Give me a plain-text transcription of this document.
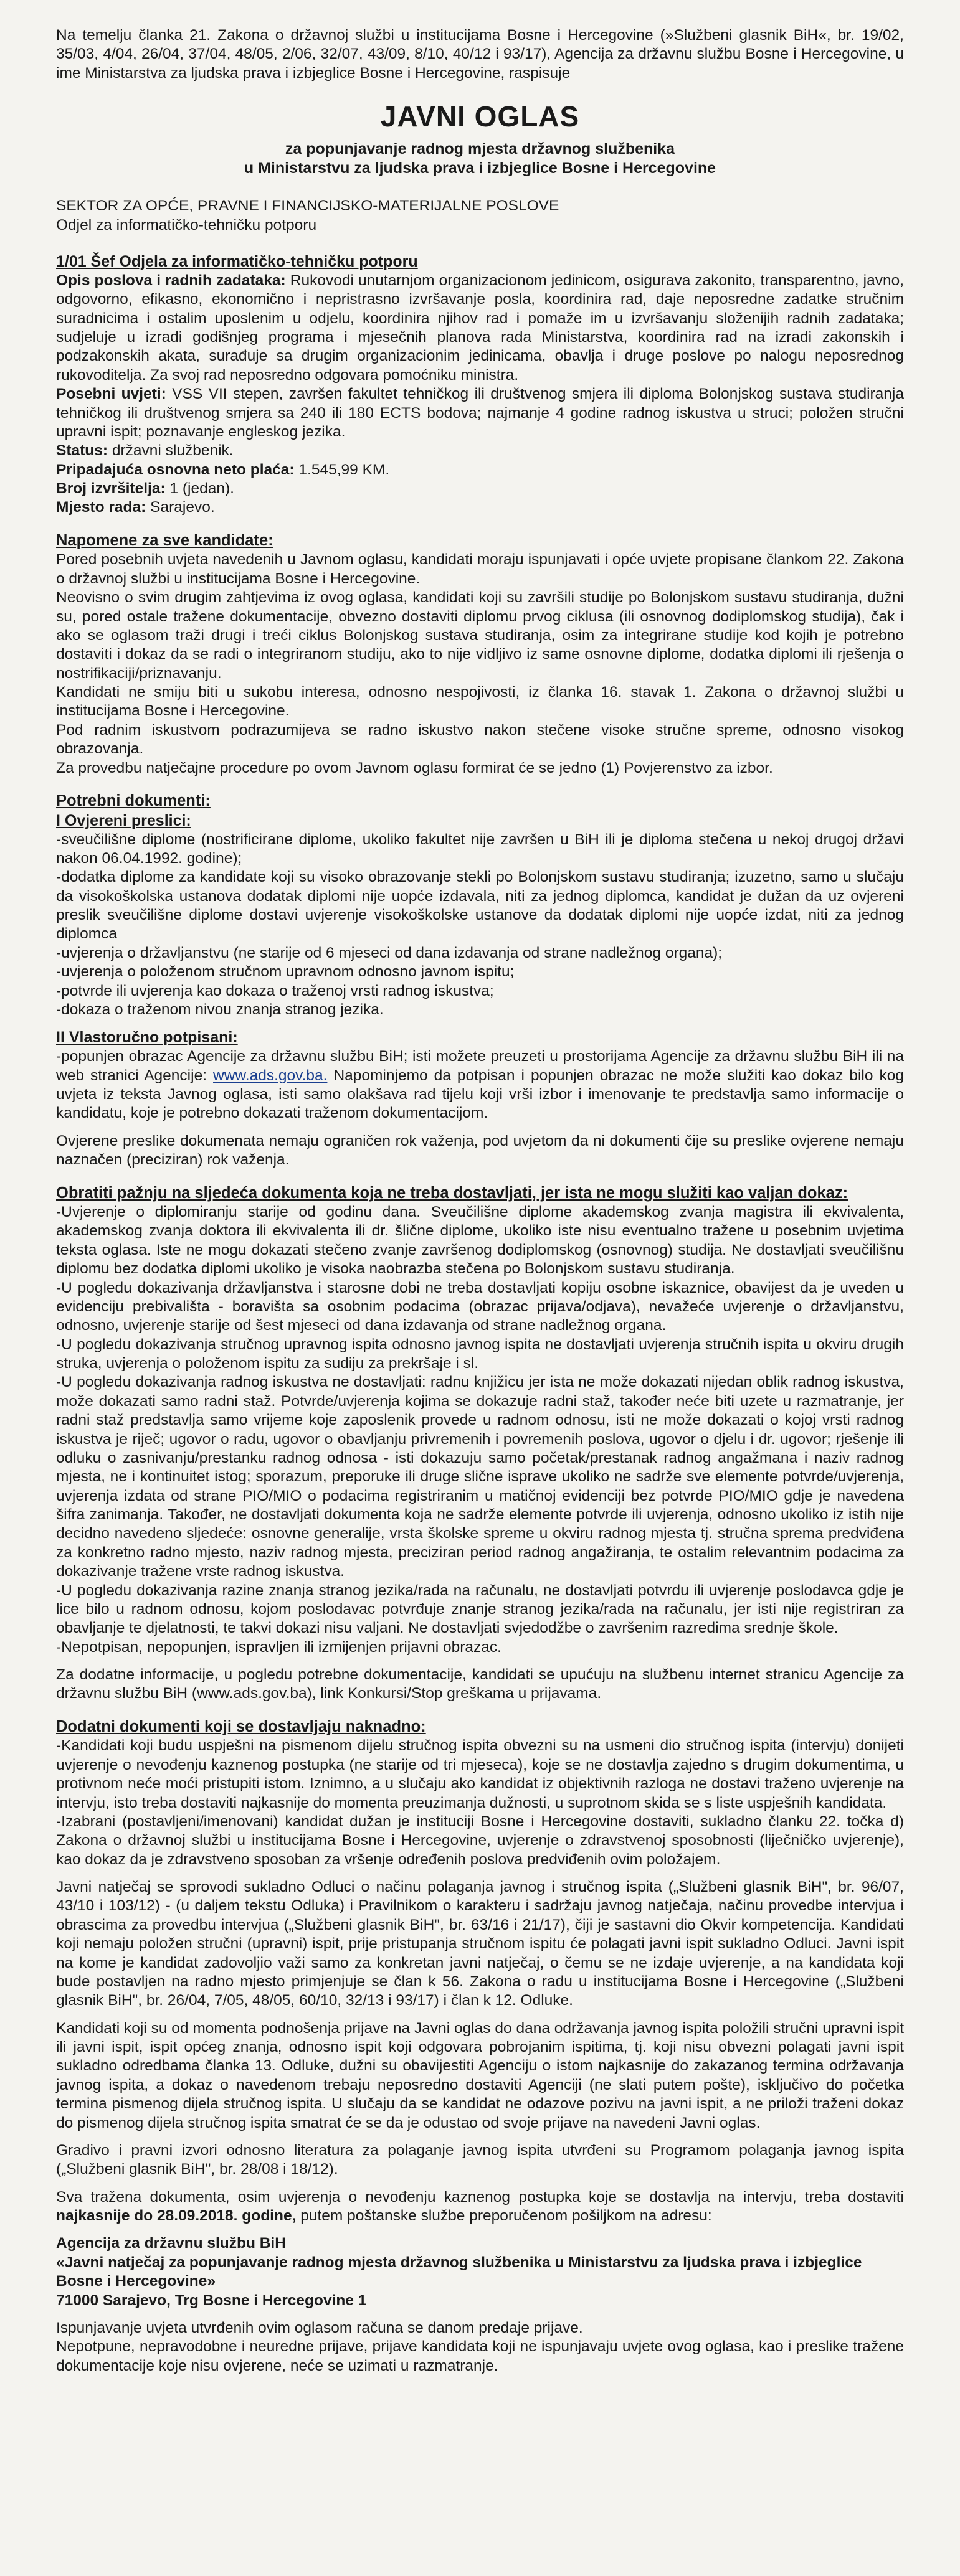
Na temelju članka 21. Zakona o državnoj službi u institucijama Bosne i Hercegovine (»Službeni glasnik BiH«, br. 19/02, 35/03, 4/04, 26/04, 37/04, 48/05, 2/06, 32/07, 43/09, 8/10, 40/12 i 93/17), Agencija za državnu službu Bosne i Hercegovine, u ime Ministarstva za ljudska prava i izbjeglice Bosne i Hercegovine, raspisuje

JAVNI OGLAS
za popunjavanje radnog mjesta državnog službenika
u Ministarstvu za ljudska prava i izbjeglice Bosne i Hercegovine

SEKTOR ZA OPĆE, PRAVNE I FINANCIJSKO-MATERIJALNE POSLOVE

Odjel za informatičko-tehničku potporu

1/01 Šef Odjela za informatičko-tehničku potporu

Opis poslova i radnih zadataka: Rukovodi unutarnjom organizacionom jedinicom, osigurava zakonito, transparentno, javno, odgovorno, efikasno, ekonomično i nepristrasno izvršavanje posla, koordinira rad, daje neposredne zadatke stručnim suradnicima i ostalim uposlenim u odjelu, koordinira njihov rad i pomaže im u izvršavanju složenijih radnih zadataka; sudjeluje u izradi godišnjeg programa i mjesečnih planova rada Ministarstva, koordinira rad na izradi zakonskih i podzakonskih akata, surađuje sa drugim organizacionim jedinicama, obavlja i druge poslove po nalogu neposrednog rukovoditelja. Za svoj rad neposredno odgovara pomoćniku ministra.

Posebni uvjeti: VSS VII stepen, završen fakultet tehničkog ili društvenog smjera ili diploma Bolonjskog sustava studiranja tehničkog ili društvenog smjera sa 240 ili 180 ECTS bodova; najmanje 4 godine radnog iskustva u struci; položen stručni upravni ispit; poznavanje engleskog jezika.

Status: državni službenik.

Pripadajuća osnovna neto plaća: 1.545,99 KM.

Broj izvršitelja: 1 (jedan).

Mjesto rada: Sarajevo.

Napomene za sve kandidate:

Pored posebnih uvjeta navedenih u Javnom oglasu, kandidati moraju ispunjavati i opće uvjete propisane člankom 22. Zakona o državnoj službi u institucijama Bosne i Hercegovine.

Neovisno o svim drugim zahtjevima iz ovog oglasa, kandidati koji su završili studije po Bolonjskom sustavu studiranja, dužni su, pored ostale tražene dokumentacije, obvezno dostaviti diplomu prvog ciklusa (ili osnovnog dodiplomskog studija), čak i ako se oglasom traži drugi i treći ciklus Bolonjskog sustava studiranja, osim za integrirane studije kod kojih je potrebno dostaviti i dokaz da se radi o integriranom studiju, ako to nije vidljivo iz same osnovne diplome, dodatka diplomi ili rješenja o nostrifikaciji/priznavanju.

Kandidati ne smiju biti u sukobu interesa, odnosno nespojivosti, iz članka 16. stavak 1. Zakona o državnoj službi u institucijama Bosne i Hercegovine.

Pod radnim iskustvom podrazumijeva se radno iskustvo nakon stečene visoke stručne spreme, odnosno visokog obrazovanja.

Za provedbu natječajne procedure po ovom Javnom oglasu formirat će se jedno (1) Povjerenstvo za izbor.

Potrebni dokumenti:

I Ovjereni preslici:

-sveučilišne diplome (nostrificirane diplome, ukoliko fakultet nije završen u BiH ili je diploma stečena u nekoj drugoj državi nakon 06.04.1992. godine);

-dodatka diplome za kandidate koji su visoko obrazovanje stekli po Bolonjskom sustavu studiranja; izuzetno, samo u slučaju da visokoškolska ustanova dodatak diplomi nije uopće izdavala, niti za jednog diplomca, kandidat je dužan da uz ovjereni preslik sveučilišne diplome dostavi uvjerenje visokoškolske ustanove da dodatak diplomi nije uopće izdat, niti za jednog diplomca

-uvjerenja o državljanstvu (ne starije od 6 mjeseci od dana izdavanja od strane nadležnog organa);

-uvjerenja o položenom stručnom upravnom odnosno javnom ispitu;

-potvrde ili uvjerenja kao dokaza o traženoj vrsti radnog iskustva;

-dokaza o traženom nivou znanja stranog jezika.

II Vlastoručno potpisani:

-popunjen obrazac Agencije za državnu službu BiH; isti možete preuzeti u prostorijama Agencije za državnu službu BiH ili na web stranici Agencije: www.ads.gov.ba. Napominjemo da potpisan i popunjen obrazac ne može služiti kao dokaz bilo kog uvjeta iz teksta Javnog oglasa, isti samo olakšava rad tijelu koji vrši izbor i imenovanje te predstavlja samo informacije o kandidatu, koje je potrebno dokazati traženom dokumentacijom.

Ovjerene preslike dokumenata nemaju ograničen rok važenja, pod uvjetom da ni dokumenti čije su preslike ovjerene nemaju naznačen (preciziran) rok važenja.

Obratiti pažnju na sljedeća dokumenta koja ne treba dostavljati, jer ista ne mogu služiti kao valjan dokaz:

-Uvjerenje o diplomiranju starije od godinu dana. Sveučilišne diplome akademskog zvanja magistra ili ekvivalenta, akademskog zvanja doktora ili ekvivalenta ili dr. šlične diplome, ukoliko iste nisu eventualno tražene u posebnim uvjetima teksta oglasa. Iste ne mogu dokazati stečeno zvanje završenog dodiplomskog (osnovnog) studija. Ne dostavljati sveučilišnu diplomu bez dodatka diplomi ukoliko je visoka naobrazba stečena po Bolonjskom sustavu studiranja.

-U pogledu dokazivanja državljanstva i starosne dobi ne treba dostavljati kopiju osobne iskaznice, obavijest da je uveden u evidenciju prebivališta - boravišta sa osobnim podacima (obrazac prijava/odjava), nevažeće uvjerenje o državljanstvu, odnosno, uvjerenje starije od šest mjeseci od dana izdavanja od strane nadležnog organa.

-U pogledu dokazivanja stručnog upravnog ispita odnosno javnog ispita ne dostavljati uvjerenja stručnih ispita u okviru drugih struka, uvjerenja o položenom ispitu za sudiju za prekršaje i sl.

-U pogledu dokazivanja radnog iskustva ne dostavljati: radnu knjižicu jer ista ne može dokazati nijedan oblik radnog iskustva, može dokazati samo radni staž. Potvrde/uvjerenja kojima se dokazuje radni staž, također neće biti uzete u razmatranje, jer radni staž predstavlja samo vrijeme koje zaposlenik provede u radnom odnosu, isti ne može dokazati o kojoj vrsti radnog iskustva je riječ; ugovor o radu, ugovor o obavljanju privremenih i povremenih poslova, ugovor o djelu i dr. ugovor; rješenje ili odluku o zasnivanju/prestanku radnog odnosa - isti dokazuju samo početak/prestanak radnog angažmana i naziv radnog mjesta, ne i kontinuitet istog; sporazum, preporuke ili druge slične isprave ukoliko ne sadrže sve elemente potvrde/uvjerenja, uvjerenja izdata od strane PIO/MIO o podacima registriranim u matičnoj evidenciji bez potvrde PIO/MIO gdje je navedena šifra zanimanja. Također, ne dostavljati dokumenta koja ne sadrže elemente potvrde ili uvjerenja, odnosno ukoliko iz istih nije decidno navedeno sljedeće: osnovne generalije, vrsta školske spreme u okviru radnog mjesta tj. stručna sprema predviđena za konkretno radno mjesto, naziv radnog mjesta, preciziran period radnog angažiranja, te ostalim relevantnim podacima za dokazivanje tražene vrste radnog iskustva.

-U pogledu dokazivanja razine znanja stranog jezika/rada na računalu, ne dostavljati potvrdu ili uvjerenje poslodavca gdje je lice bilo u radnom odnosu, kojom poslodavac potvrđuje znanje stranog jezika/rada na računalu, jer isti nije registriran za obavljanje te djelatnosti, te takvi dokazi nisu valjani. Ne dostavljati svjedodžbe o završenim razredima srednje škole.

-Nepotpisan, nepopunjen, ispravljen ili izmijenjen prijavni obrazac.

Za dodatne informacije, u pogledu potrebne dokumentacije, kandidati se upućuju na službenu internet stranicu Agencije za državnu službu BiH (www.ads.gov.ba), link Konkursi/Stop greškama u prijavama.

Dodatni dokumenti koji se dostavljaju naknadno:

-Kandidati koji budu uspješni na pismenom dijelu stručnog ispita obvezni su na usmeni dio stručnog ispita (intervju) donijeti uvjerenje o nevođenju kaznenog postupka (ne starije od tri mjeseca), koje se ne dostavlja zajedno s drugim dokumentima, u protivnom neće moći pristupiti istom. Iznimno, a u slučaju ako kandidat iz objektivnih razloga ne dostavi traženo uvjerenje na intervju, isto treba dostaviti najkasnije do momenta preuzimanja dužnosti, u suprotnom skida se s liste uspješnih kandidata.

-Izabrani (postavljeni/imenovani) kandidat dužan je instituciji Bosne i Hercegovine dostaviti, sukladno članku 22. točka d) Zakona o državnoj službi u institucijama Bosne i Hercegovine, uvjerenje o zdravstvenoj sposobnosti (liječničko uvjerenje), kao dokaz da je zdravstveno sposoban za vršenje određenih poslova predviđenih ovim položajem.

Javni natječaj se sprovodi sukladno Odluci o načinu polaganja javnog i stručnog ispita („Službeni glasnik BiH", br. 96/07, 43/10 i 103/12) - (u daljem tekstu Odluka) i Pravilnikom o karakteru i sadržaju javnog natječaja, načinu provedbe intervjua i obrascima za provedbu intervjua („Službeni glasnik BiH", br. 63/16 i 21/17), čiji je sastavni dio Okvir kompetencija. Kandidati koji nemaju položen stručni (upravni) ispit, prije pristupanja stručnom ispitu će polagati javni ispit sukladno Odluci. Javni ispit na kome je kandidat zadovoljio važi samo za konkretan javni natječaj, o čemu se ne izdaje uvjerenje, a na kandidata koji bude postavljen na radno mjesto primjenjuje se član k 56. Zakona o radu u institucijama Bosne i Hercegovine („Službeni glasnik BiH", br. 26/04, 7/05, 48/05, 60/10, 32/13 i 93/17) i član k 12. Odluke.

Kandidati koji su od momenta podnošenja prijave na Javni oglas do dana održavanja javnog ispita položili stručni upravni ispit ili javni ispit, ispit općeg znanja, odnosno ispit koji odgovara pobrojanim ispitima, tj. koji nisu obvezni polagati javni ispit sukladno odredbama članka 13. Odluke, dužni su obavijestiti Agenciju o istom najkasnije do zakazanog termina održavanja javnog ispita, a dokaz o navedenom trebaju neposredno dostaviti Agenciji (ne slati putem pošte), isključivo do početka termina pismenog dijela stručnog ispita. U slučaju da se kandidat ne odazove pozivu na javni ispit, a ne priloži traženi dokaz do pismenog dijela stručnog ispita smatrat će se da je odustao od svoje prijave na navedeni Javni oglas.

Gradivo i pravni izvori odnosno literatura za polaganje javnog ispita utvrđeni su Programom polaganja javnog ispita („Službeni glasnik BiH", br. 28/08 i 18/12).

Sva tražena dokumenta, osim uvjerenja o nevođenju kaznenog postupka koje se dostavlja na intervju, treba dostaviti najkasnije do 28.09.2018. godine, putem poštanske službe preporučenom pošiljkom na adresu:

Agencija za državnu službu BiH

«Javni natječaj za popunjavanje radnog mjesta državnog službenika u Ministarstvu za ljudska prava i izbjeglice Bosne i Hercegovine»

71000 Sarajevo, Trg Bosne i Hercegovine 1

Ispunjavanje uvjeta utvrđenih ovim oglasom računa se danom predaje prijave.

Nepotpune, nepravodobne i neuredne prijave, prijave kandidata koji ne ispunjavaju uvjete ovog oglasa, kao i preslike tražene dokumentacije koje nisu ovjerene, neće se uzimati u razmatranje.
